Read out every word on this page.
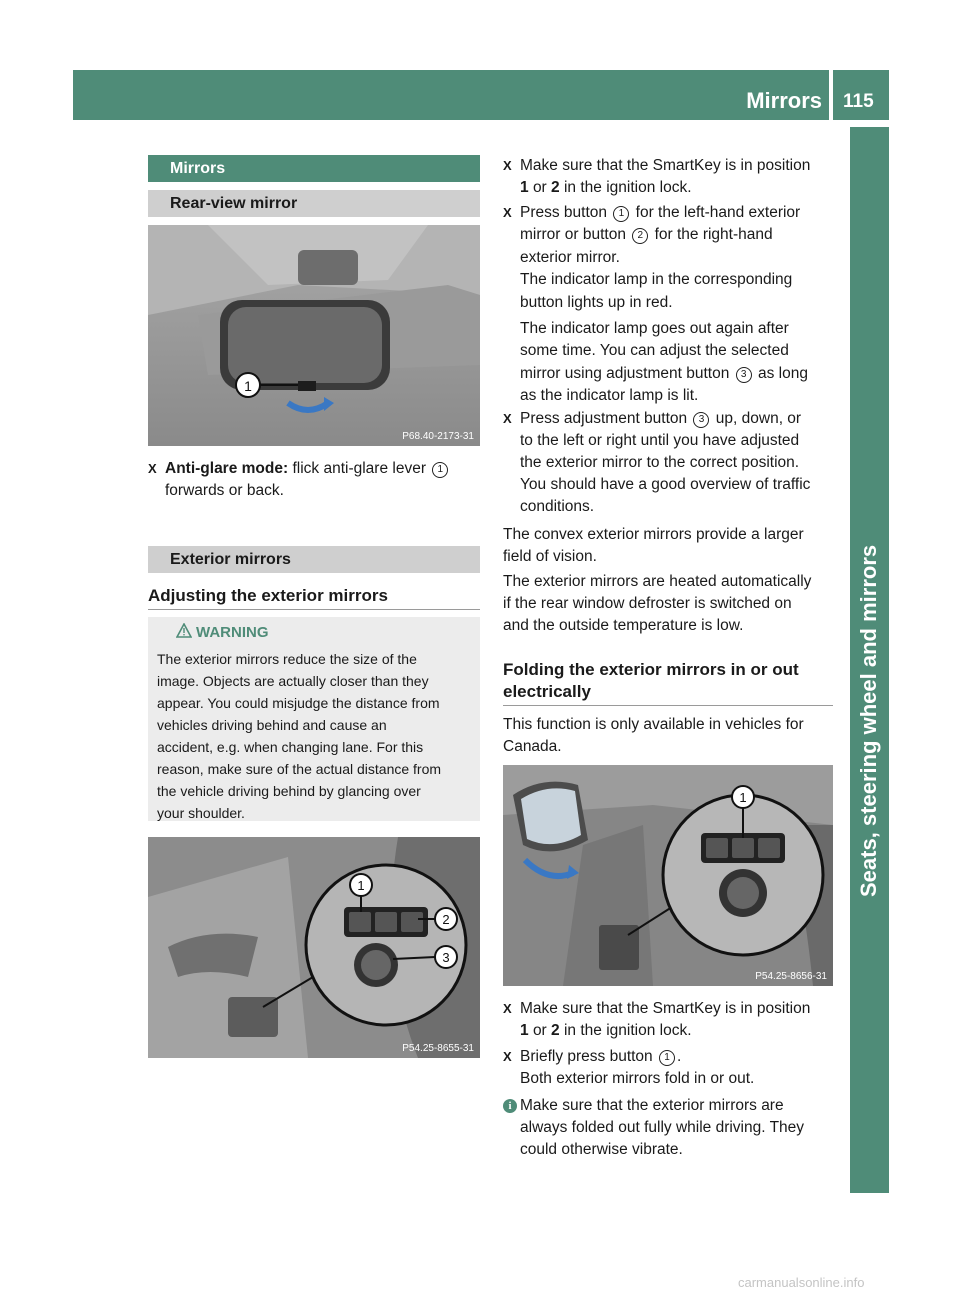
Mirrors 115
Seats, steering wheel and mirrors
Mirrors
Rear-view mirror
1
P68.40-2173-31
X Anti-glare mode: flick anti-glare lever 1
forwards or back.
Exterior mirrors
Adjusting the exterior mirrors
WARNING
The exterior mirrors reduce the size of the
image. Objects are actually closer than they
appear. You could misjudge the distance from
vehicles driving behind and cause an
accident, e.g. when changing lane. For this
reason, make sure of the actual distance from
the vehicle driving behind by glancing over
your shoulder.
1
2
3
P54.25-8655-31
X Make sure that the SmartKey is in position
1 or 2 in the ignition lock.
X Press button 1 for the left-hand exterior
mirror or button 2 for the right-hand
exterior mirror.
The indicator lamp in the corresponding
button lights up in red.
The indicator lamp goes out again after
some time. You can adjust the selected
mirror using adjustment button 3 as long
as the indicator lamp is lit.
X Press adjustment button 3 up, down, or
to the left or right until you have adjusted
the exterior mirror to the correct position.
You should have a good overview of traffic
conditions.
The convex exterior mirrors provide a larger
field of vision.
The exterior mirrors are heated automatically
if the rear window defroster is switched on
and the outside temperature is low.
Folding the exterior mirrors in or out
electrically
This function is only available in vehicles for
Canada.
1
P54.25-8656-31
X Make sure that the SmartKey is in position
1 or 2 in the ignition lock.
X Briefly press button 1 .
Both exterior mirrors fold in or out.
i Make sure that the exterior mirrors are
always folded out fully while driving. They
could otherwise vibrate.
carmanualsonline.info
